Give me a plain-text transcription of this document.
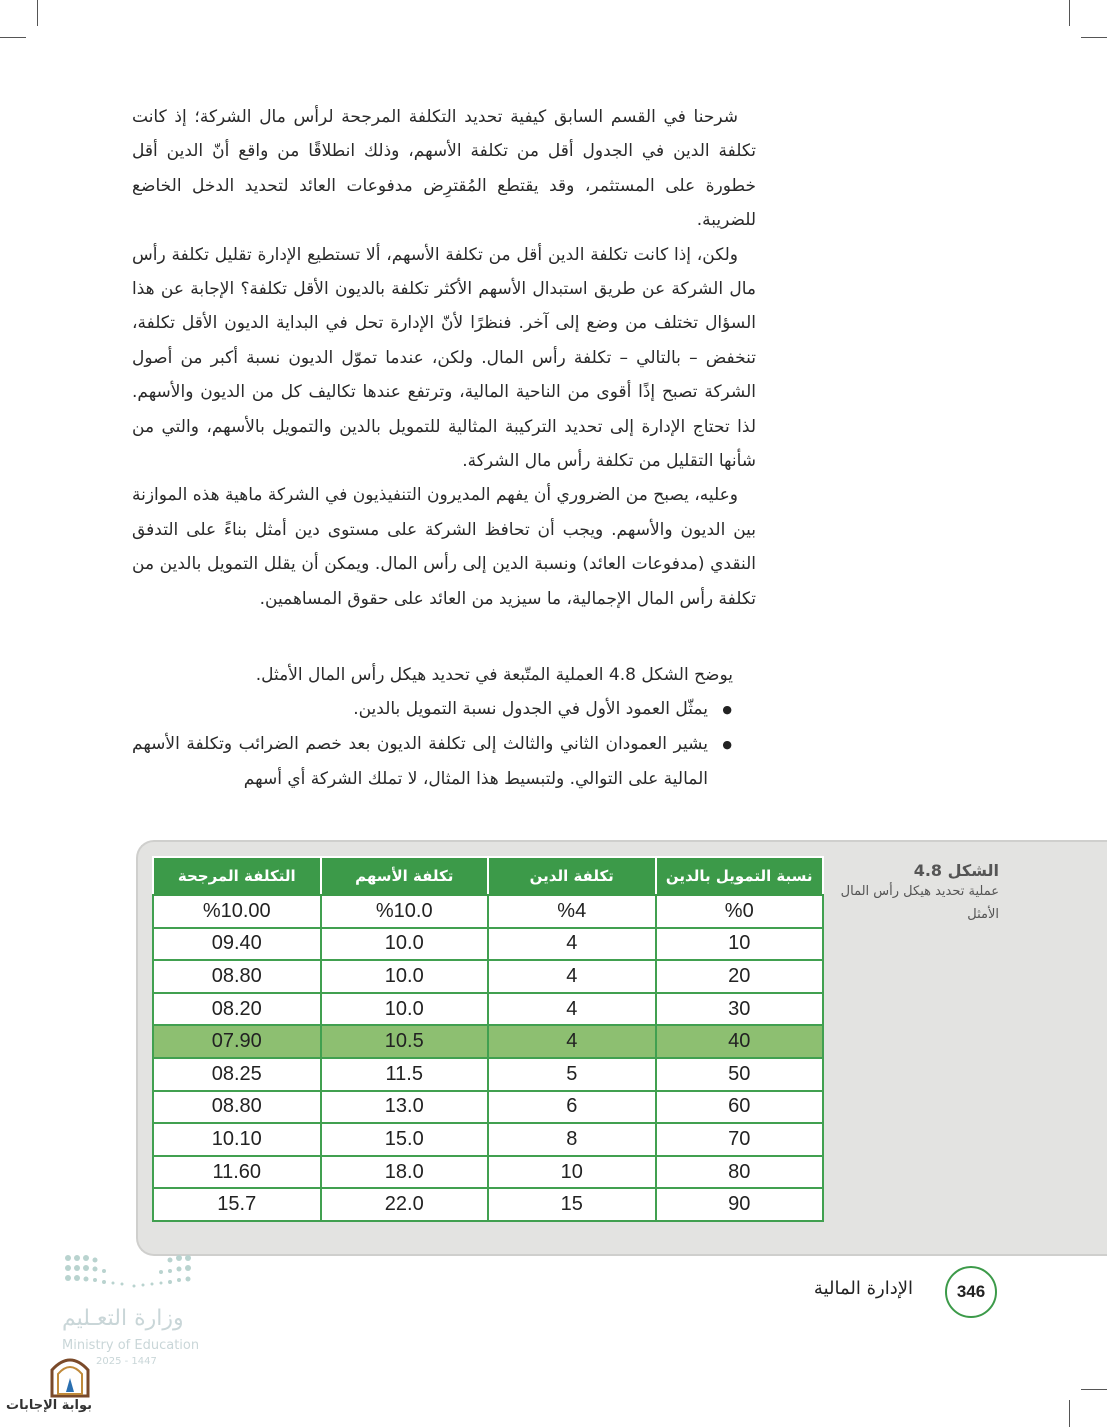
شرحنا في القسم السابق كيفية تحديد التكلفة المرجحة لرأس مال الشركة؛ إذ كانت تكلفة الدين في الجدول أقل من تكلفة الأسهم، وذلك انطلاقًا من واقع أنّ الدين أقل خطورة على المستثمر، وقد يقتطع المُقترِض مدفوعات العائد لتحديد الدخل الخاضع للضريبة.

ولكن، إذا كانت تكلفة الدين أقل من تكلفة الأسهم، ألا تستطيع الإدارة تقليل تكلفة رأس مال الشركة عن طريق استبدال الأسهم الأكثر تكلفة بالديون الأقل تكلفة؟ الإجابة عن هذا السؤال تختلف من وضع إلى آخر. فنظرًا لأنّ الإدارة تحل في البداية الديون الأقل تكلفة، تنخفض – بالتالي – تكلفة رأس المال. ولكن، عندما تموّل الديون نسبة أكبر من أصول الشركة تصبح إذًا أقوى من الناحية المالية، وترتفع عندها تكاليف كل من الديون والأسهم. لذا تحتاج الإدارة إلى تحديد التركيبة المثالية للتمويل بالدين والتمويل بالأسهم، والتي من شأنها التقليل من تكلفة رأس مال الشركة.

وعليه، يصبح من الضروري أن يفهم المديرون التنفيذيون في الشركة ماهية هذه الموازنة بين الديون والأسهم. ويجب أن تحافظ الشركة على مستوى دين أمثل بناءً على التدفق النقدي (مدفوعات العائد) ونسبة الدين إلى رأس المال. ويمكن أن يقلل التمويل بالدين من تكلفة رأس المال الإجمالية، ما سيزيد من العائد على حقوق المساهمين.

يوضح الشكل 4.8 العملية المتّبعة في تحديد هيكل رأس المال الأمثل.
● يمثّل العمود الأول في الجدول نسبة التمويل بالدين.
● يشير العمودان الثاني والثالث إلى تكلفة الديون بعد خصم الضرائب وتكلفة الأسهم المالية على التوالي. ولتبسيط هذا المثال، لا تملك الشركة أي أسهم
الشكل 4.8
عملية تحديد هيكل رأس المال الأمثل
نسبة التمويل بالدين	تكلفة الدين	تكلفة الأسهم	التكلفة المرجحة
%0	%4	%10.0	%10.00
10	4	10.0	09.40
20	4	10.0	08.80
30	4	10.0	08.20
40	4	10.5	07.90
50	5	11.5	08.25
60	6	13.0	08.80
70	8	15.0	10.10
80	10	18.0	11.60
90	15	22.0	15.7
346
الإدارة المالية
وزارة التعـليم
Ministry of Education
2025 - 1447
بوابة الإجابات
